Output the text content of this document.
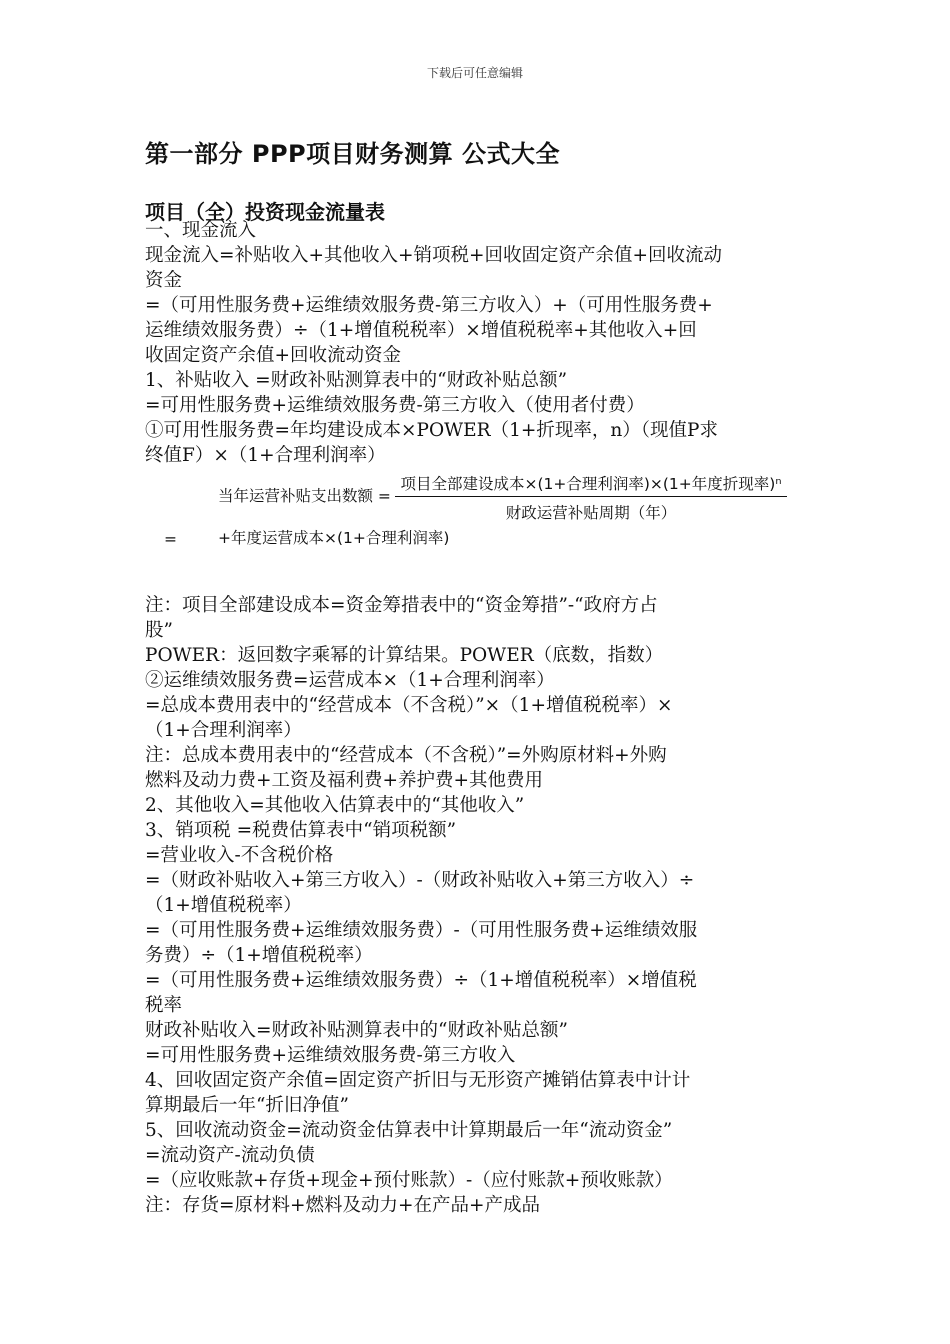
下载后可任意编辑
第一部分 PPP项目财务测算 公式大全
项目（全）投资现金流量表

一、现金流入

现金流入=补贴收入+其他收入+销项税+回收固定资产余值+回收流动

资金

=（可用性服务费+运维绩效服务费-第三方收入）+（可用性服务费+

运维绩效服务费）÷（1+增值税税率）×增值税税率+其他收入+回

收固定资产余值+回收流动资金

1、补贴收入 =财政补贴测算表中的“财政补贴总额”

=可用性服务费+运维绩效服务费-第三方收入（使用者付费）

①可用性服务费=年均建设成本×POWER（1+折现率，n）（现值P求

终值F）×（1+合理利润率）

当年运营补贴支出数额 =
项目全部建设成本×(1+合理利润率)×(1+年度折现率)ⁿ
财政运营补贴周期（年）
=	+年度运营成本×(1+合理利润率)

注：项目全部建设成本=资金筹措表中的“资金筹措”-“政府方占

股”

POWER：返回数字乘幂的计算结果。POWER（底数，指数）

②运维绩效服务费=运营成本×（1+合理利润率）

=总成本费用表中的“经营成本（不含税）”×（1+增值税税率）×

（1+合理利润率）

注：总成本费用表中的“经营成本（不含税）”=外购原材料+外购

燃料及动力费+工资及福利费+养护费+其他费用

2、其他收入=其他收入估算表中的“其他收入”

3、销项税 =税费估算表中“销项税额”

=营业收入-不含税价格

=（财政补贴收入+第三方收入）-（财政补贴收入+第三方收入）÷

（1+增值税税率）

=（可用性服务费+运维绩效服务费）-（可用性服务费+运维绩效服

务费）÷（1+增值税税率）

=（可用性服务费+运维绩效服务费）÷（1+增值税税率）×增值税

税率

财政补贴收入=财政补贴测算表中的“财政补贴总额”

=可用性服务费+运维绩效服务费-第三方收入

4、回收固定资产余值=固定资产折旧与无形资产摊销估算表中计计

算期最后一年“折旧净值”

5、回收流动资金=流动资金估算表中计算期最后一年“流动资金”

=流动资产-流动负债

=（应收账款+存货+现金+预付账款）-（应付账款+预收账款）

注：存货=原材料+燃料及动力+在产品+产成品
